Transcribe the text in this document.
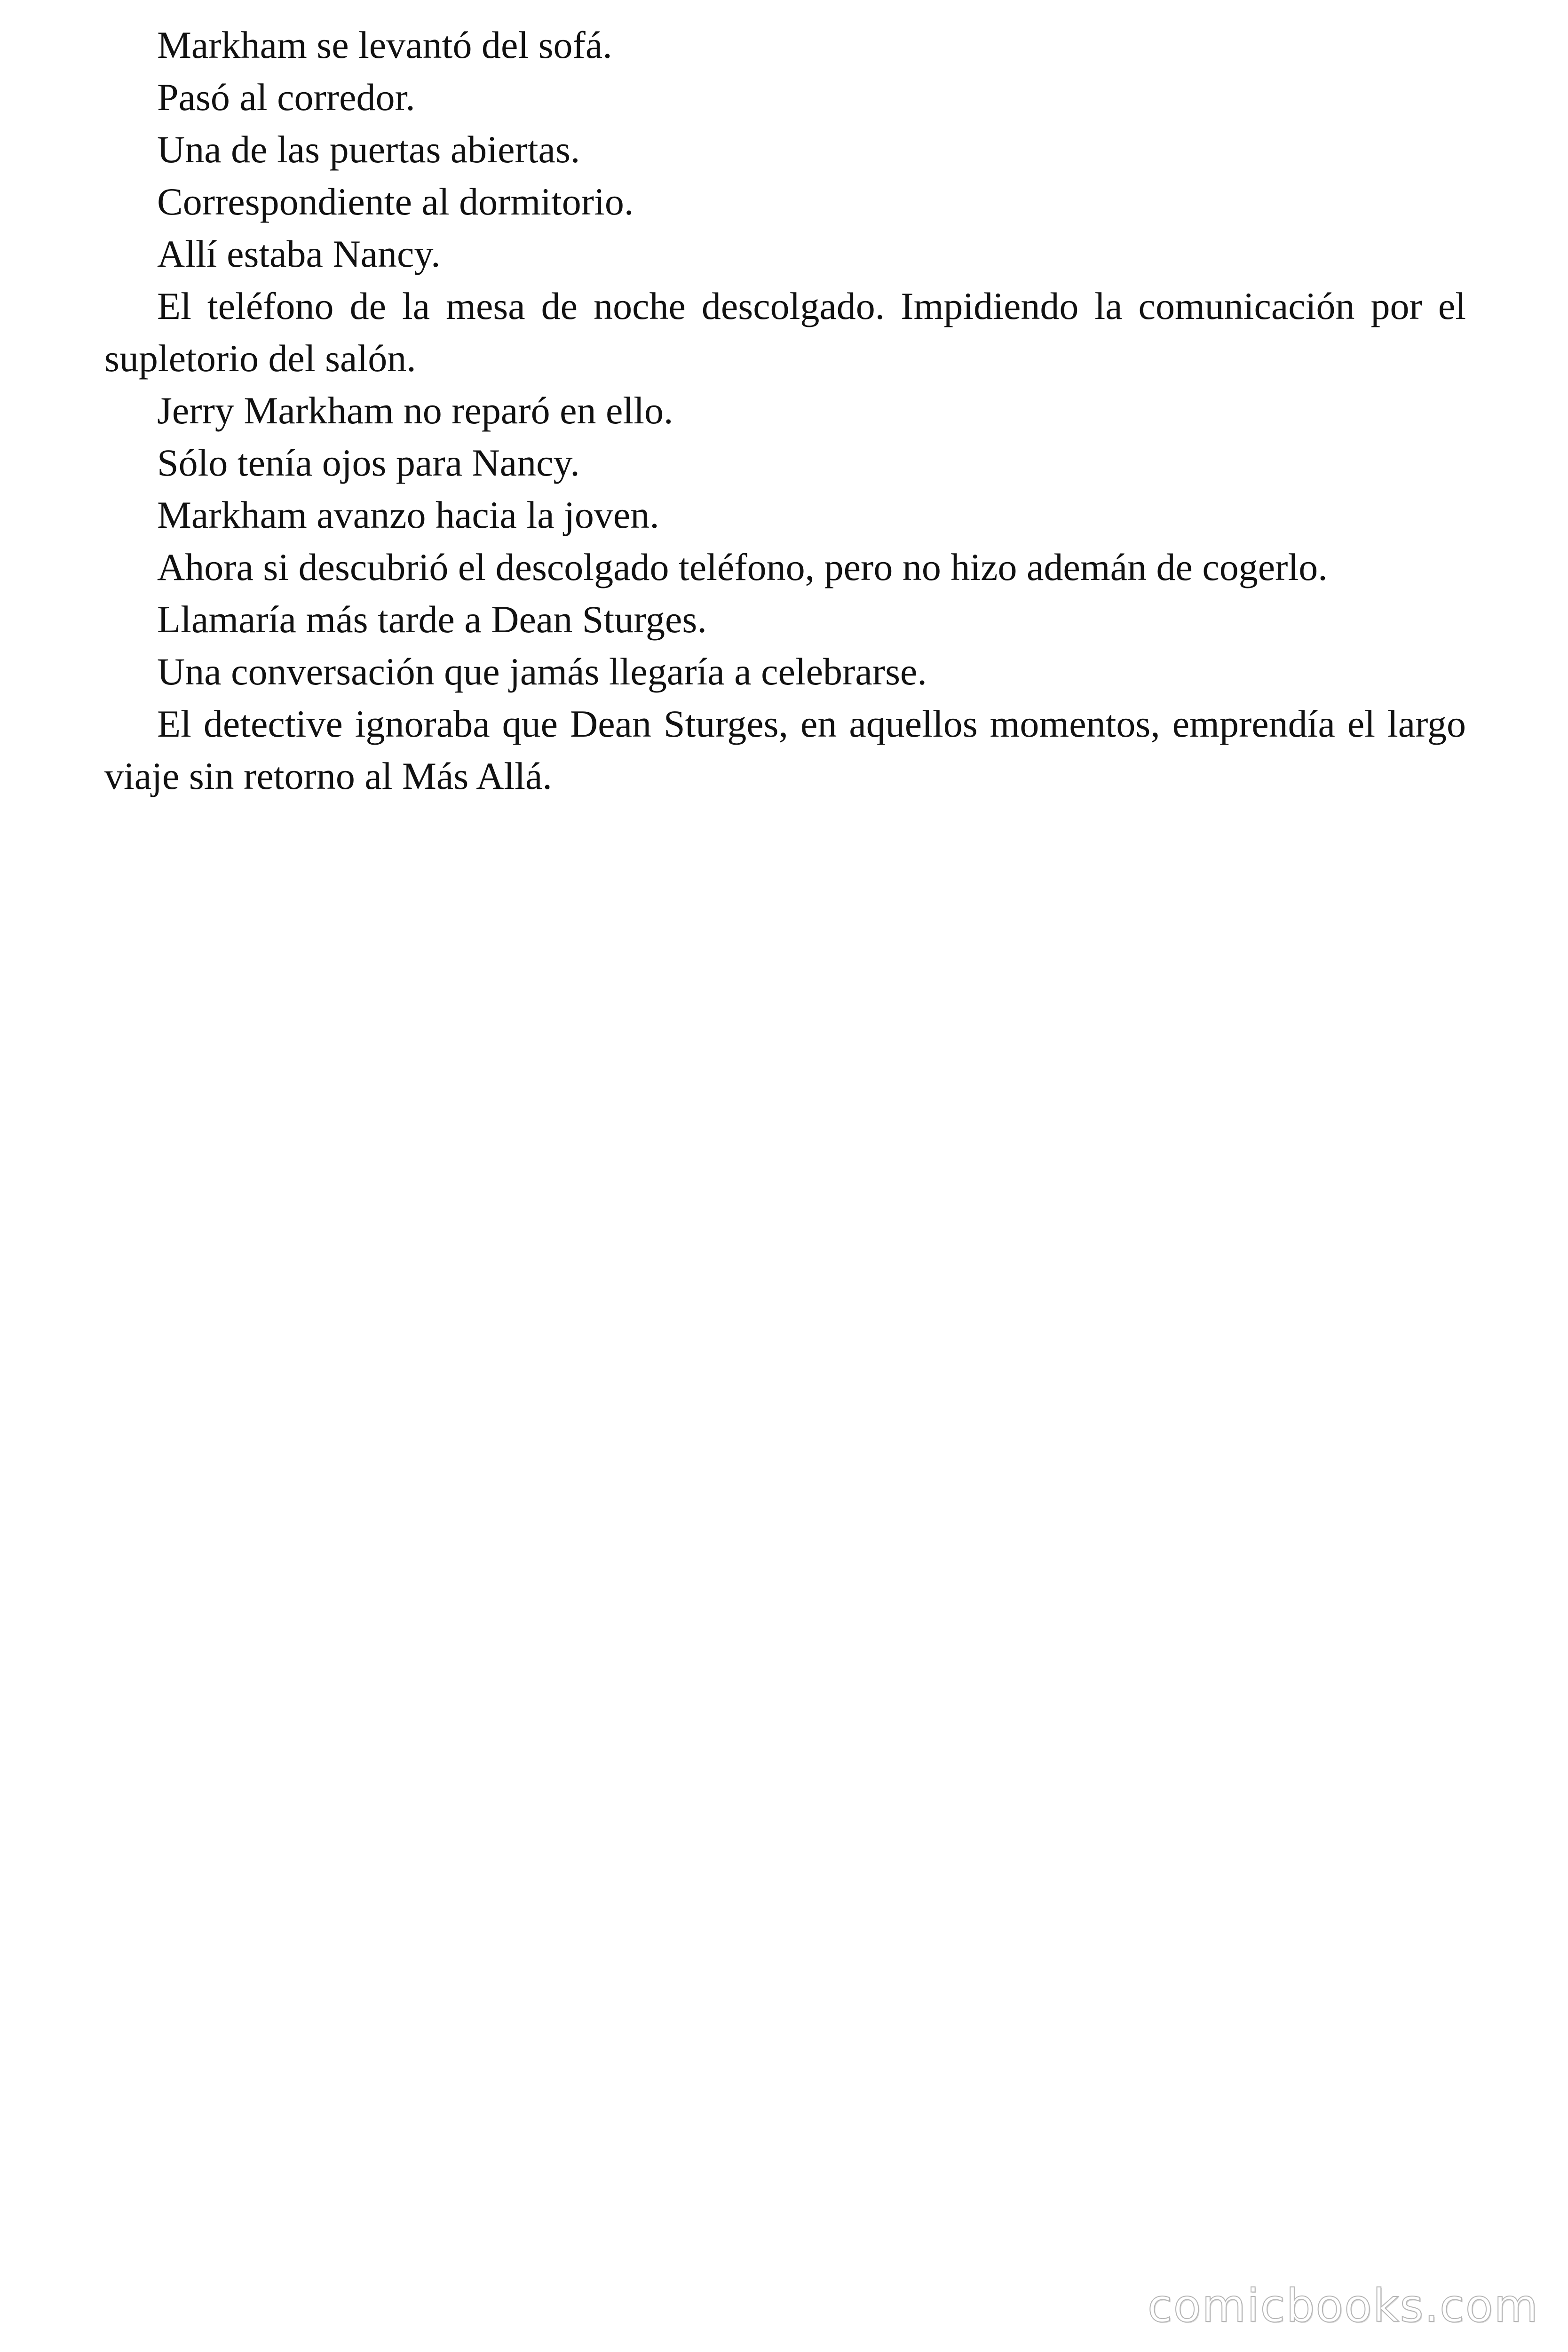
Markham se levantó del sofá.

Pasó al corredor.

Una de las puertas abiertas.

Correspondiente al dormitorio.

Allí estaba Nancy.

El teléfono de la mesa de noche descolgado. Impidiendo la comunicación por el supletorio del salón.

Jerry Markham no reparó en ello.

Sólo tenía ojos para Nancy.

Markham avanzo hacia la joven.

Ahora si descubrió el descolgado teléfono, pero no hizo ademán de cogerlo.

Llamaría más tarde a Dean Sturges.

Una conversación que jamás llegaría a celebrarse.

El detective ignoraba que Dean Sturges, en aquellos momentos, emprendía el largo viaje sin retorno al Más Allá.

comicbooks.com
